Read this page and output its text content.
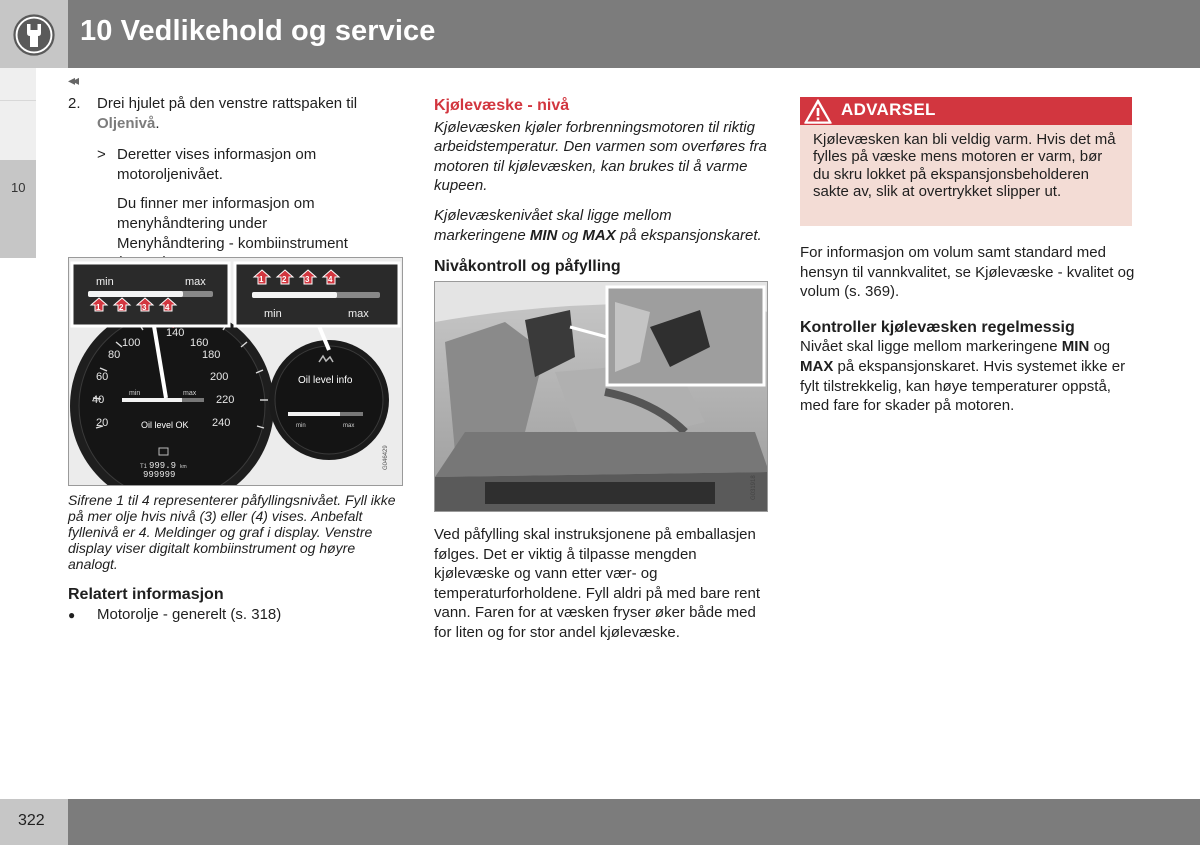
10 Vedlikehold og service
10
◂◂
2.	Drei hjulet på den venstre rattspaken til
Oljenivå.
> Deretter vises informasjon om motoroljenivået.
Du finner mer informasjon om menyhåndtering under Menyhåndtering - kombiinstrument
20
40
60
80
100
140
160
180
200
220
240
min	max
Oil level OK
T1 999.9 km
999999
Oil level info
min	max
min	max
1 2 3 4
1 2 3 4
min	max
G046429
Sifrene 1 til 4 representerer påfyllingsnivået. Fyll ikke på mer olje hvis nivå (3) eller (4) vises. Anbefalt fyllenivå er 4. Meldinger og graf i display. Venstre display viser digitalt kombiinstrument og høyre analogt.
Relatert informasjon
●	Motorolje - generelt (s. 318)
Kjølevæske - nivå
Kjølevæsken kjøler forbrenningsmotoren til riktig arbeidstemperatur. Den varmen som overføres fra motoren til kjølevæsken, kan brukes til å varme kupeen.
Kjølevæskenivået skal ligge mellom markeringene MIN og MAX på ekspansjonskaret.
Nivåkontroll og påfylling
G031918
Ved påfylling skal instruksjonene på emballasjen følges. Det er viktig å tilpasse mengden kjølevæske og vann etter vær- og temperaturforholdene. Fyll aldri på med bare rent vann. Faren for at væsken fryser øker både med for liten og for stor andel kjølevæske.
ADVARSEL
Kjølevæsken kan bli veldig varm. Hvis det må fylles på væske mens motoren er varm, bør du skru lokket på ekspansjonsbeholderen sakte av, slik at overtrykket slipper ut.
For informasjon om volum samt standard med hensyn til vannkvalitet, se Kjølevæske - kvalitet og volum (s. 369).
Kontroller kjølevæsken regelmessig
Nivået skal ligge mellom markeringene MIN og MAX på ekspansjonskaret. Hvis systemet ikke er fylt tilstrekkelig, kan høye temperaturer oppstå, med fare for skader på motoren.
322
